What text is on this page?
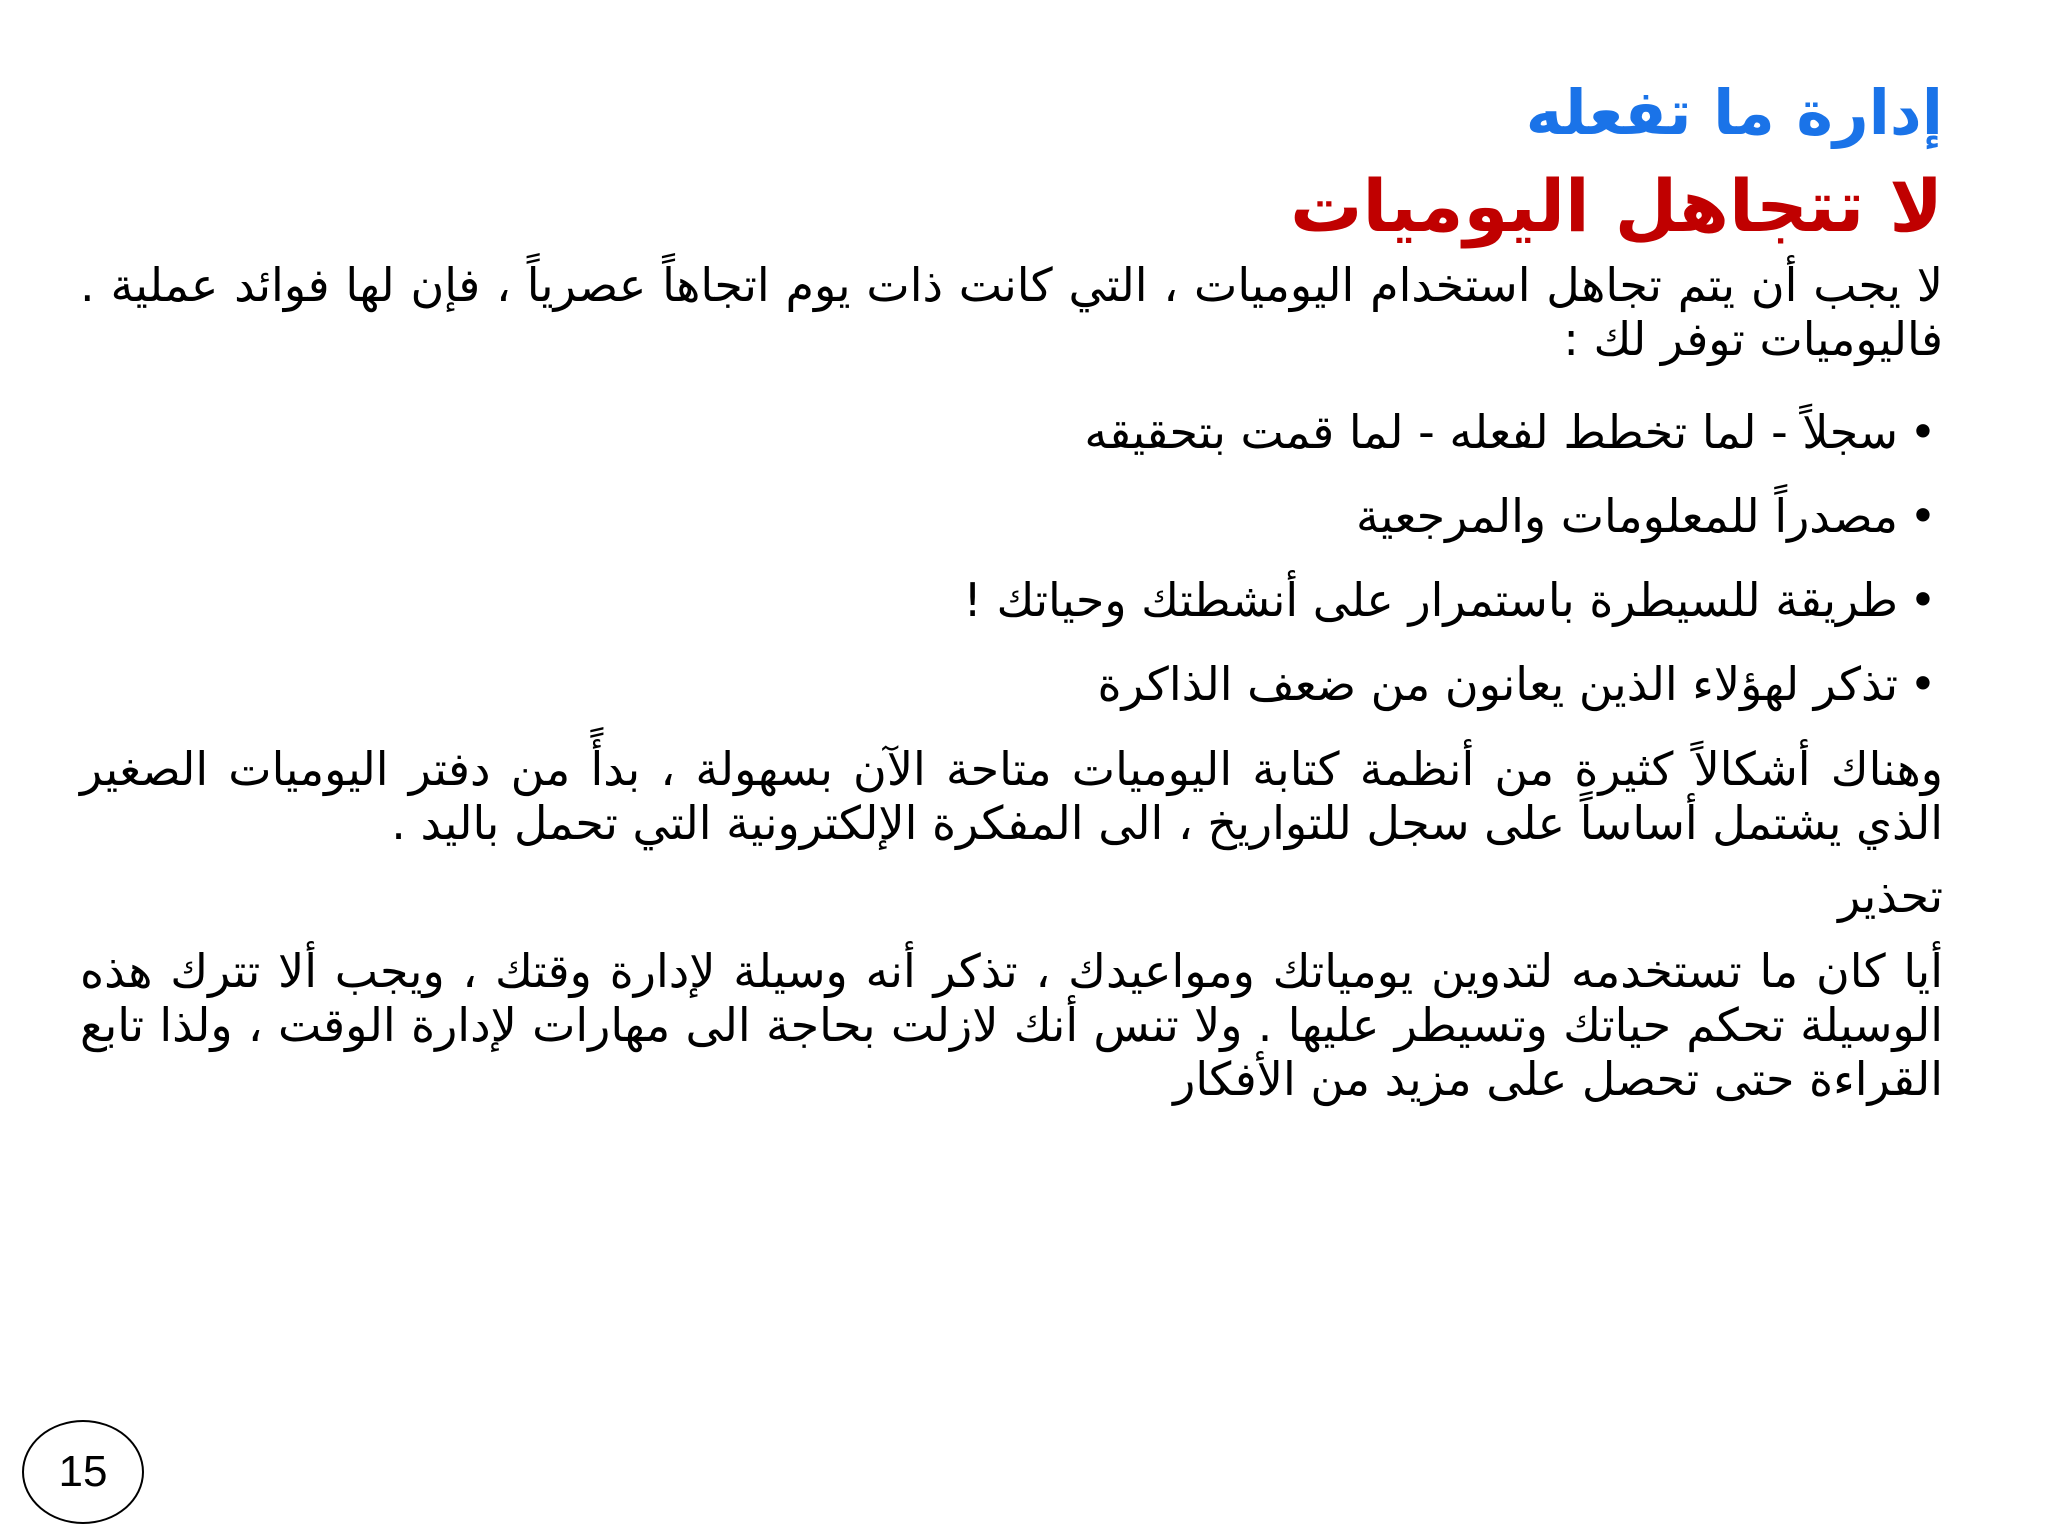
إدارة ما تفعله
لا تتجاهل اليوميات

لا يجب أن يتم تجاهل استخدام اليوميات ، التي كانت ذات يوم اتجاهاً عصرياً ، فإن لها فوائد عملية . فاليوميات توفر لك :

•
سجلاً - لما تخطط لفعله - لما قمت بتحقيقه
•
مصدراً للمعلومات والمرجعية
•
طريقة للسيطرة باستمرار على أنشطتك وحياتك !
•
تذكر لهؤلاء الذين يعانون من ضعف الذاكرة

وهناك أشكالاً كثيرة من أنظمة كتابة اليوميات متاحة الآن بسهولة ، بدأً من دفتر اليوميات الصغير الذي يشتمل أساساً على سجل للتواريخ ، الى المفكرة الإلكترونية التي تحمل باليد .

تحذير

أيا كان ما تستخدمه لتدوين يومياتك ومواعيدك ، تذكر أنه وسيلة لإدارة وقتك ، ويجب ألا تترك هذه الوسيلة تحكم حياتك وتسيطر عليها . ولا تنس أنك لازلت بحاجة الى مهارات لإدارة الوقت ، ولذا تابع القراءة حتى تحصل على مزيد من الأفكار

15
